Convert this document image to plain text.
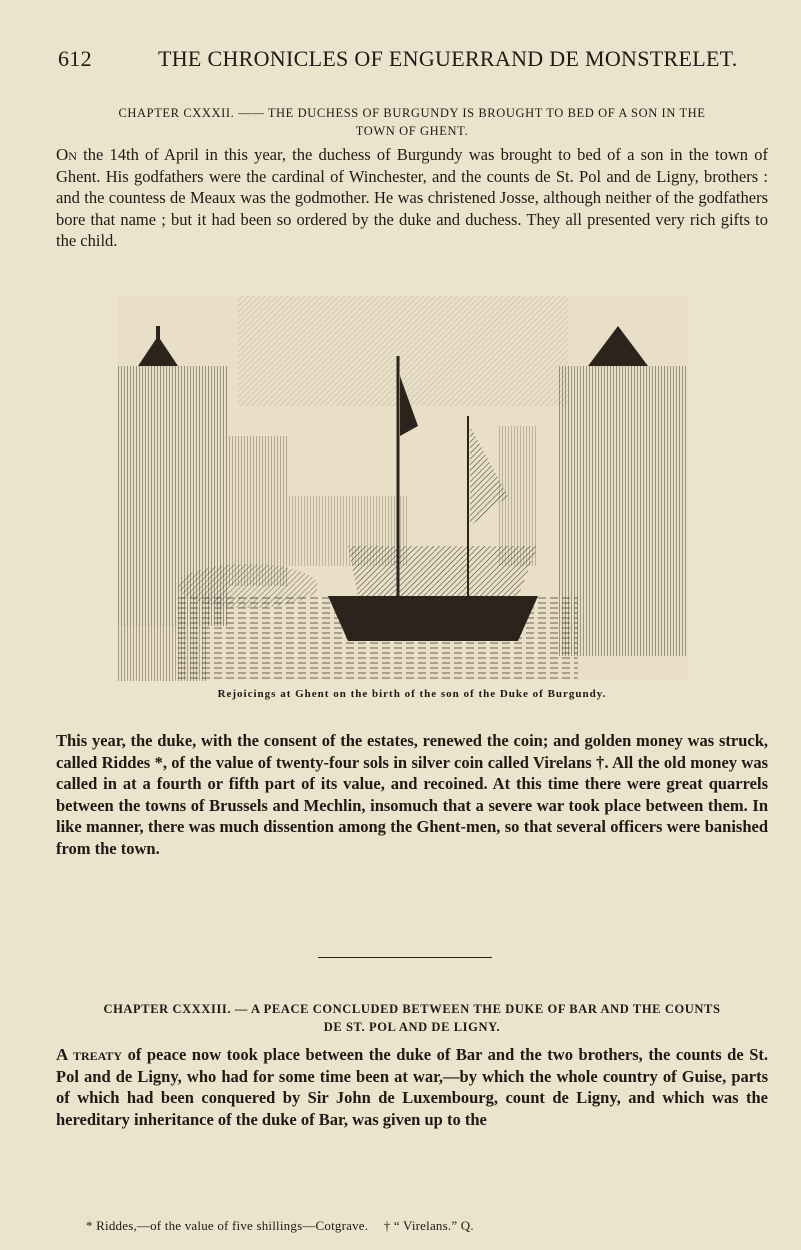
612	THE CHRONICLES OF ENGUERRAND DE MONSTRELET.
CHAPTER CXXXII. —— THE DUCHESS OF BURGUNDY IS BROUGHT TO BED OF A SON IN THE
TOWN OF GHENT.
On the 14th of April in this year, the duchess of Burgundy was brought to bed of a son in the town of Ghent. His godfathers were the cardinal of Winchester, and the counts de St. Pol and de Ligny, brothers : and the countess de Meaux was the godmother. He was christened Josse, although neither of the godfathers bore that name ; but it had been so ordered by the duke and duchess. They all presented very rich gifts to the child.
Rejoicings at Ghent on the birth of the son of the Duke of Burgundy.
This year, the duke, with the consent of the estates, renewed the coin; and golden money was struck, called Riddes *, of the value of twenty-four sols in silver coin called Virelans †. All the old money was called in at a fourth or fifth part of its value, and recoined. At this time there were great quarrels between the towns of Brussels and Mechlin, insomuch that a severe war took place between them. In like manner, there was much dissention among the Ghent-men, so that several officers were banished from the town.
CHAPTER CXXXIII. — A PEACE CONCLUDED BETWEEN THE DUKE OF BAR AND THE COUNTS
DE ST. POL AND DE LIGNY.
A treaty of peace now took place between the duke of Bar and the two brothers, the counts de St. Pol and de Ligny, who had for some time been at war,—by which the whole country of Guise, parts of which had been conquered by Sir John de Luxembourg, count de Ligny, and which was the hereditary inheritance of the duke of Bar, was given up to the
* Riddes,—of the value of five shillings—Cotgrave. † “ Virelans.” Q.
